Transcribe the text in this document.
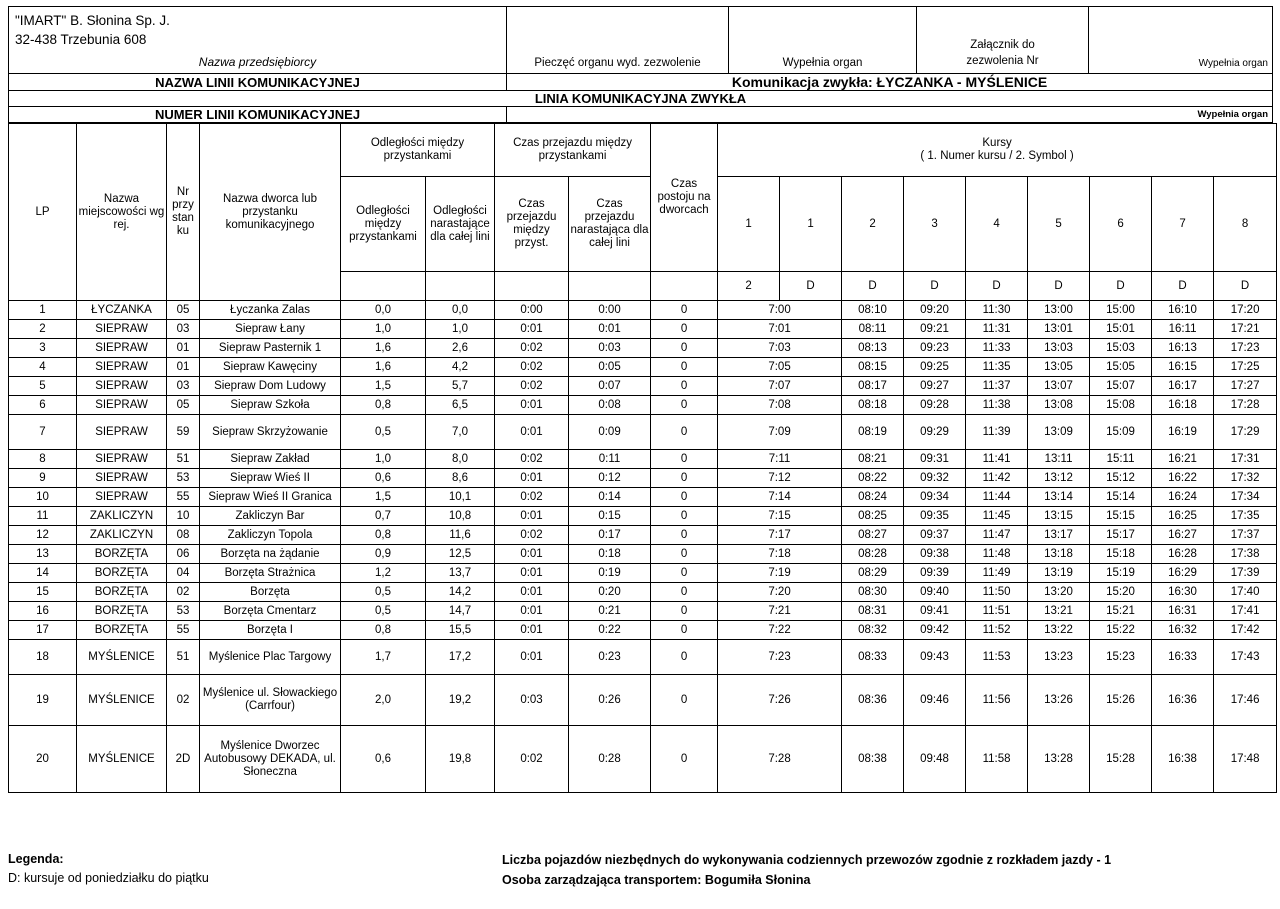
"IMART" B. Słonina Sp. J.
32-438 Trzebunia 608
Nazwa przedsiębiorcy	Pieczęć organu wyd. zezwolenie	Wypełnia organ

Załącznik do
zezwolenia Nr	Wypełnia organ

NAZWA LINII KOMUNIKACYJNEJ	Komunikacja zwykła: ŁYCZANKA - MYŚLENICE			
LINIA KOMUNIKACYJNA ZWYKŁA				
NUMER LINII KOMUNIKACYJNEJ	Wypełnia organ			
LP	Nazwa miejscowości wg rej.	Nr przy stan ku	Nazwa dworca lub przystanku komunikacyjnego	Odległości między przystankami		Czas przejazdu między przystankami		Czas postoju na dworcach	Kursy
( 1. Numer kursu / 2. Symbol )								

				Odległości między przystankami	Odległości narastające dla całej lini	Czas przejazdu między przyst.	Czas przejazdu narastająca dla całej lini		1	1	2	3	4	5	6	7	8
									2	D	D	D	D	D	D	D	D
1	ŁYCZANKA	05	Łyczanka Zalas	0,0	0,0	0:00	0:00	0	7:00		08:10	09:20	11:30	13:00	15:00	16:10	17:20
2	SIEPRAW	03	Siepraw Łany	1,0	1,0	0:01	0:01	0	7:01		08:11	09:21	11:31	13:01	15:01	16:11	17:21
3	SIEPRAW	01	Siepraw Pasternik 1	1,6	2,6	0:02	0:03	0	7:03		08:13	09:23	11:33	13:03	15:03	16:13	17:23
4	SIEPRAW	01	Siepraw Kawęciny	1,6	4,2	0:02	0:05	0	7:05		08:15	09:25	11:35	13:05	15:05	16:15	17:25
5	SIEPRAW	03	Siepraw Dom Ludowy	1,5	5,7	0:02	0:07	0	7:07		08:17	09:27	11:37	13:07	15:07	16:17	17:27
6	SIEPRAW	05	Siepraw Szkoła	0,8	6,5	0:01	0:08	0	7:08		08:18	09:28	11:38	13:08	15:08	16:18	17:28
7	SIEPRAW	59	Siepraw Skrzyżowanie	0,5	7,0	0:01	0:09	0	7:09		08:19	09:29	11:39	13:09	15:09	16:19	17:29
8	SIEPRAW	51	Siepraw Zakład	1,0	8,0	0:02	0:11	0	7:11		08:21	09:31	11:41	13:11	15:11	16:21	17:31
9	SIEPRAW	53	Siepraw Wieś II	0,6	8,6	0:01	0:12	0	7:12		08:22	09:32	11:42	13:12	15:12	16:22	17:32
10	SIEPRAW	55	Siepraw Wieś II Granica	1,5	10,1	0:02	0:14	0	7:14		08:24	09:34	11:44	13:14	15:14	16:24	17:34
11	ZAKLICZYN	10	Zakliczyn Bar	0,7	10,8	0:01	0:15	0	7:15		08:25	09:35	11:45	13:15	15:15	16:25	17:35
12	ZAKLICZYN	08	Zakliczyn Topola	0,8	11,6	0:02	0:17	0	7:17		08:27	09:37	11:47	13:17	15:17	16:27	17:37
13	BORZĘTA	06	Borzęta na żądanie	0,9	12,5	0:01	0:18	0	7:18		08:28	09:38	11:48	13:18	15:18	16:28	17:38
14	BORZĘTA	04	Borzęta Strażnica	1,2	13,7	0:01	0:19	0	7:19		08:29	09:39	11:49	13:19	15:19	16:29	17:39
15	BORZĘTA	02	Borzęta	0,5	14,2	0:01	0:20	0	7:20		08:30	09:40	11:50	13:20	15:20	16:30	17:40
16	BORZĘTA	53	Borzęta Cmentarz	0,5	14,7	0:01	0:21	0	7:21		08:31	09:41	11:51	13:21	15:21	16:31	17:41
17	BORZĘTA	55	Borzęta I	0,8	15,5	0:01	0:22	0	7:22		08:32	09:42	11:52	13:22	15:22	16:32	17:42
18	MYŚLENICE	51	Myślenice Plac Targowy	1,7	17,2	0:01	0:23	0	7:23		08:33	09:43	11:53	13:23	15:23	16:33	17:43
19	MYŚLENICE	02	Myślenice ul. Słowackiego (Carrfour)	2,0	19,2	0:03	0:26	0	7:26		08:36	09:46	11:56	13:26	15:26	16:36	17:46
20	MYŚLENICE	2D	Myślenice Dworzec Autobusowy DEKADA, ul. Słoneczna	0,6	19,8	0:02	0:28	0	7:28		08:38	09:48	11:58	13:28	15:28	16:38	17:48
Legenda:
D: kursuje od poniedziałku do piątku
Liczba pojazdów niezbędnych do wykonywania codziennych przewozów zgodnie z rozkładem jazdy - 1
Osoba zarządzająca transportem: Bogumiła Słonina
